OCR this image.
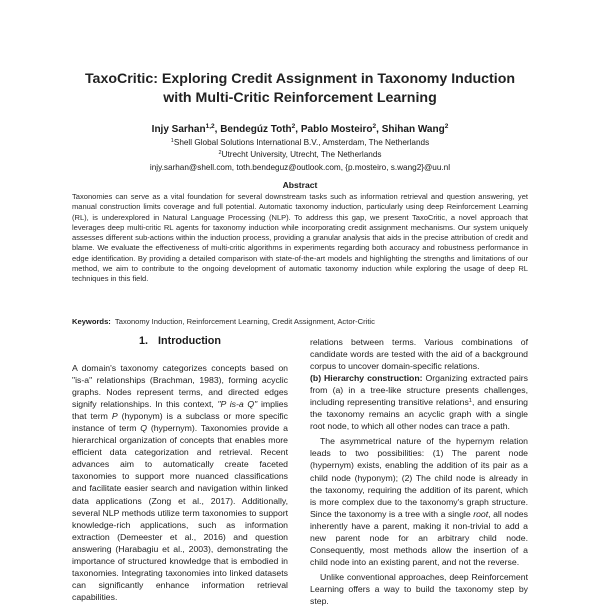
TaxoCritic: Exploring Credit Assignment in Taxonomy Induction
with Multi-Critic Reinforcement Learning
Injy Sarhan$^{1,2}$, Bendegúz Toth$^2$, Pablo Mosteiro$^2$, Shihan Wang$^2$
$^1$Shell Global Solutions International B.V., Amsterdam, The Netherlands
$^2$Utrecht University, Utrecht, The Netherlands
injy.sarhan@shell.com, toth.bendeguz@outlook.com, {p.mosteiro, s.wang2}@uu.nl
Abstract
Taxonomies can serve as a vital foundation for several downstream tasks such as information retrieval and question answering, yet manual construction limits coverage and full potential. Automatic taxonomy induction, particularly using deep Reinforcement Learning (RL), is underexplored in Natural Language Processing (NLP). To address this gap, we present TaxoCritic, a novel approach that leverages deep multi-critic RL agents for taxonomy induction while incorporating credit assignment mechanisms. Our system uniquely assesses different sub-actions within the induction process, providing a granular analysis that aids in the precise attribution of credit and blame. We evaluate the effectiveness of multi-critic algorithms in experiments regarding both accuracy and robustness performance in edge identification. By providing a detailed comparison with state-of-the-art models and highlighting the strengths and limitations of our method, we aim to contribute to the ongoing development of automatic taxonomy induction while exploring the usage of deep RL techniques in this field.
Keywords: Taxonomy Induction, Reinforcement Learning, Credit Assignment, Actor-Critic
1. Introduction

A domain's taxonomy categorizes concepts based on "is-a" relationships (Brachman, 1983), forming acyclic graphs. Nodes represent terms, and directed edges signify relationships. In this context, "P is-a Q" implies that term P (hyponym) is a subclass or more specific instance of term Q (hypernym). Taxonomies provide a hierarchical organization of concepts that enables more efficient data categorization and retrieval. Recent advances aim to automatically create faceted taxonomies to support more nuanced classifications and facilitate easier search and navigation within linked data applications (Zong et al., 2017). Additionally, several NLP methods utilize term taxonomies to support knowledge-rich applications, such as information extraction (Demeester et al., 2016) and question answering (Harabagiu et al., 2003), demonstrating the importance of structured knowledge that is embodied in taxonomies. Integrating taxonomies into linked datasets can significantly enhance information retrieval capabilities.

relations between terms. Various combinations of candidate words are tested with the aid of a background corpus to uncover domain-specific relations.

(b) Hierarchy construction: Organizing extracted pairs from (a) in a tree-like structure presents challenges, including representing transitive relations$^1$, and ensuring the taxonomy remains an acyclic graph with a single root node, to which all other nodes can trace a path.

The asymmetrical nature of the hypernym relation leads to two possibilities: (1) The parent node (hypernym) exists, enabling the addition of its pair as a child node (hyponym); (2) The child node is already in the taxonomy, requiring the addition of its parent, which is more complex due to the taxonomy's graph structure. Since the taxonomy is a tree with a single root, all nodes inherently have a parent, making it non-trivial to add a new parent node for an arbitrary child node. Consequently, most methods allow the insertion of a child node into an existing parent, and not the reverse.

Unlike conventional approaches, deep Reinforcement Learning offers a way to build the taxonomy step by step.
